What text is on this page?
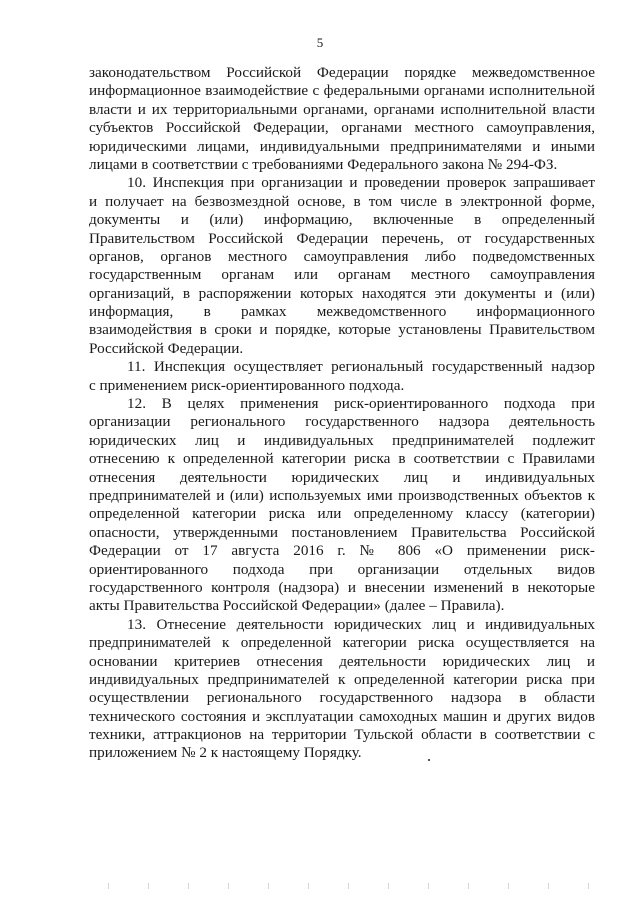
5
законодательством Российской Федерации порядке межведомственное
информационное взаимодействие с федеральными органами исполнительной
власти и их территориальными органами, органами исполнительной власти
субъектов Российской Федерации, органами местного самоуправления,
юридическими лицами, индивидуальными предпринимателями и иными
лицами в соответствии с требованиями Федерального закона № 294-ФЗ.
10. Инспекция при организации и проведении проверок запрашивает
и получает на безвозмездной основе, в том числе в электронной форме,
документы и (или) информацию, включенные в определенный
Правительством Российской Федерации перечень, от государственных
органов, органов местного самоуправления либо подведомственных
государственным органам или органам местного самоуправления
организаций, в распоряжении которых находятся эти документы и (или)
информация, в рамках межведомственного информационного
взаимодействия в сроки и порядке, которые установлены Правительством
Российской Федерации.
11. Инспекция осуществляет региональный государственный надзор
с применением риск-ориентированного подхода.
12. В целях применения риск-ориентированного подхода при
организации регионального государственного надзора деятельность
юридических лиц и индивидуальных предпринимателей подлежит
отнесению к определенной категории риска в соответствии с Правилами
отнесения деятельности юридических лиц и индивидуальных
предпринимателей и (или) используемых ими производственных объектов к
определенной категории риска или определенному классу (категории)
опасности, утвержденными постановлением Правительства Российской
Федерации от 17 августа 2016 г. № 806 «О применении риск-
ориентированного подхода при организации отдельных видов
государственного контроля (надзора) и внесении изменений в некоторые
акты Правительства Российской Федерации» (далее – Правила).
13. Отнесение деятельности юридических лиц и индивидуальных
предпринимателей к определенной категории риска осуществляется на
основании критериев отнесения деятельности юридических лиц и
индивидуальных предпринимателей к определенной категории риска при
осуществлении регионального государственного надзора в области
технического состояния и эксплуатации самоходных машин и других видов
техники, аттракционов на территории Тульской области в соответствии с
приложением № 2 к настоящему Порядку.
